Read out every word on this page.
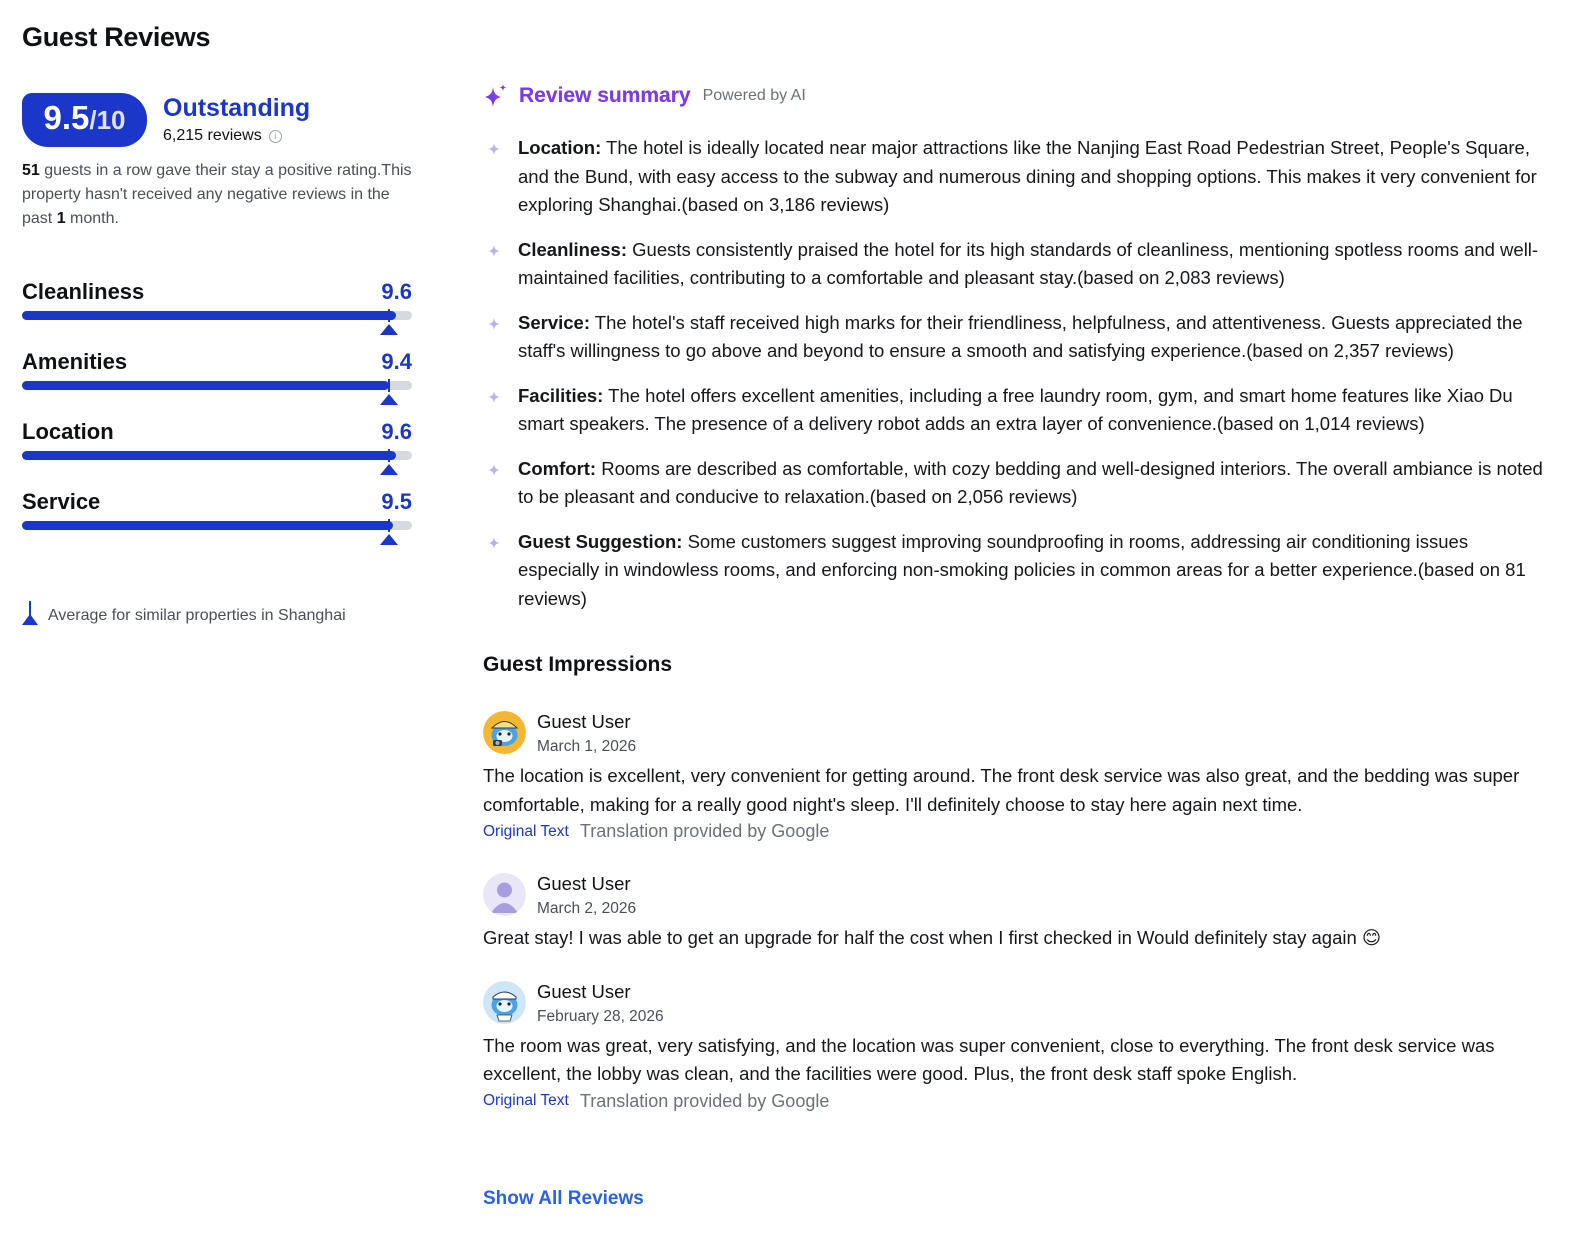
Guest Reviews
9.5 /10 Outstanding
6,215 reviews	i
51 guests in a row gave their stay a positive rating.This property hasn't received any negative reviews in the past 1 month.
Cleanliness	9.6
Amenities	9.4
Location	9.6
Service	9.5
Average for similar properties in Shanghai
Review summary Powered by AI
Location: The hotel is ideally located near major attractions like the Nanjing East Road Pedestrian Street, People's Square, and the Bund, with easy access to the subway and numerous dining and shopping options. This makes it very convenient for exploring Shanghai.(based on 3,186 reviews)
Cleanliness: Guests consistently praised the hotel for its high standards of cleanliness, mentioning spotless rooms and well-maintained facilities, contributing to a comfortable and pleasant stay.(based on 2,083 reviews)
Service: The hotel's staff received high marks for their friendliness, helpfulness, and attentiveness. Guests appreciated the staff's willingness to go above and beyond to ensure a smooth and satisfying experience.(based on 2,357 reviews)
Facilities: The hotel offers excellent amenities, including a free laundry room, gym, and smart home features like Xiao Du smart speakers. The presence of a delivery robot adds an extra layer of convenience.(based on 1,014 reviews)
Comfort: Rooms are described as comfortable, with cozy bedding and well-designed interiors. The overall ambiance is noted to be pleasant and conducive to relaxation.(based on 2,056 reviews)
Guest Suggestion: Some customers suggest improving soundproofing in rooms, addressing air conditioning issues especially in windowless rooms, and enforcing non-smoking policies in common areas for a better experience.(based on 81 reviews)
Guest Impressions
Guest User
March 1, 2026
The location is excellent, very convenient for getting around. The front desk service was also great, and the bedding was super comfortable, making for a really good night's sleep. I'll definitely choose to stay here again next time.
Original Text Translation provided by Google
Guest User
March 2, 2026
Great stay! I was able to get an upgrade for half the cost when I first checked in Would definitely stay again 😊
Guest User
February 28, 2026
The room was great, very satisfying, and the location was super convenient, close to everything. The front desk service was excellent, the lobby was clean, and the facilities were good. Plus, the front desk staff spoke English.
Original Text Translation provided by Google
Show All Reviews
